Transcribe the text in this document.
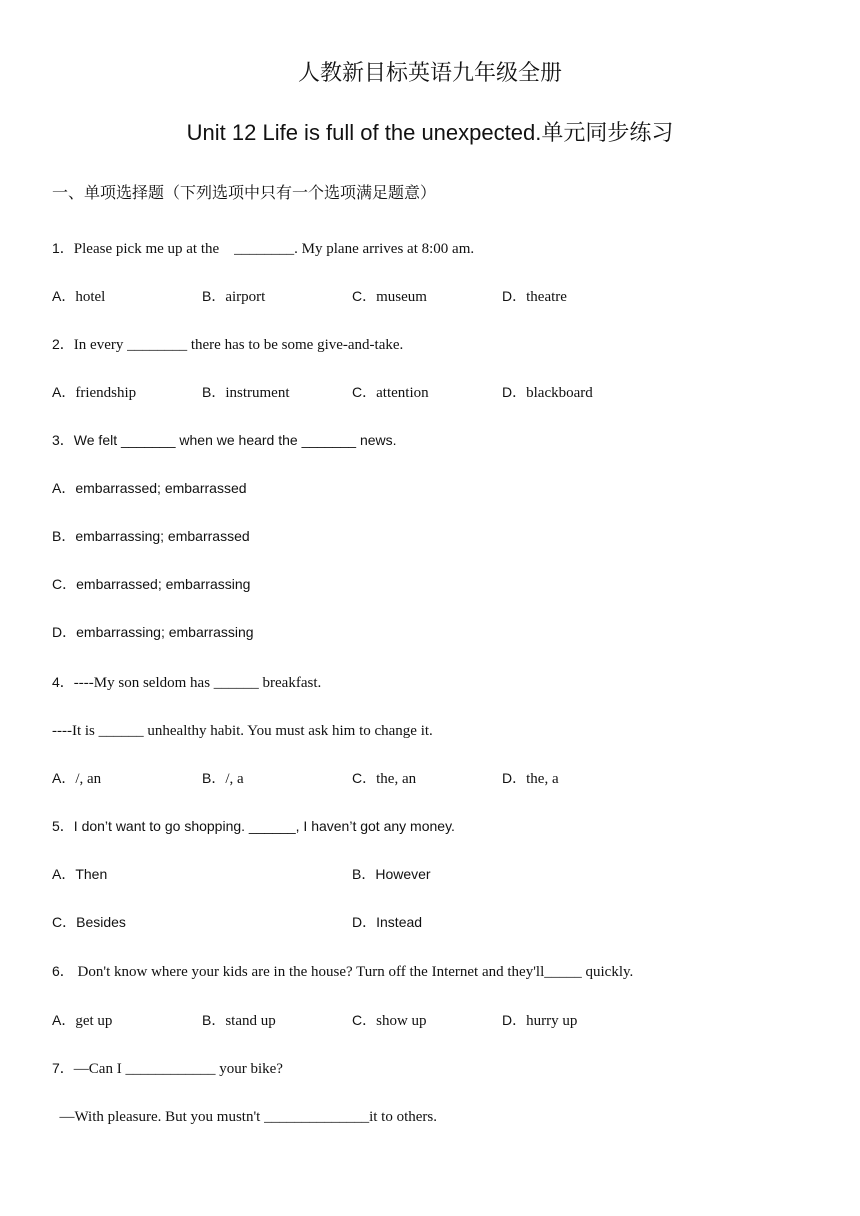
人教新目标英语九年级全册
Unit 12 Life is full of the unexpected.单元同步练习
一、单项选择题（下列选项中只有一个选项满足题意）
1．Please pick me up at the    ________. My plane arrives at 8:00 am.
A．hotel	B．airport	C．museum	D．theatre
2．In every ________ there has to be some give-and-take.
A．friendship	B．instrument	C．attention	D．blackboard
3．We felt _______ when we heard the _______ news.
A．embarrassed; embarrassed
B．embarrassing; embarrassed
C．embarrassed; embarrassing
D．embarrassing; embarrassing
4．----My son seldom has ______ breakfast.
----It is ______ unhealthy habit. You must ask him to change it.
A．/, an	B．/, a	C．the, an	D．the, a
5．I don’t want to go shopping. ______, I haven’t got any money.
A．Then	B．However
C．Besides	D．Instead
6． Don't know where your kids are in the house? Turn off the Internet and they'll_____ quickly.
A．get up	B．stand up	C．show up	D．hurry up
7．—Can I ____________ your bike?
—With pleasure. But you mustn't ______________it to others.
